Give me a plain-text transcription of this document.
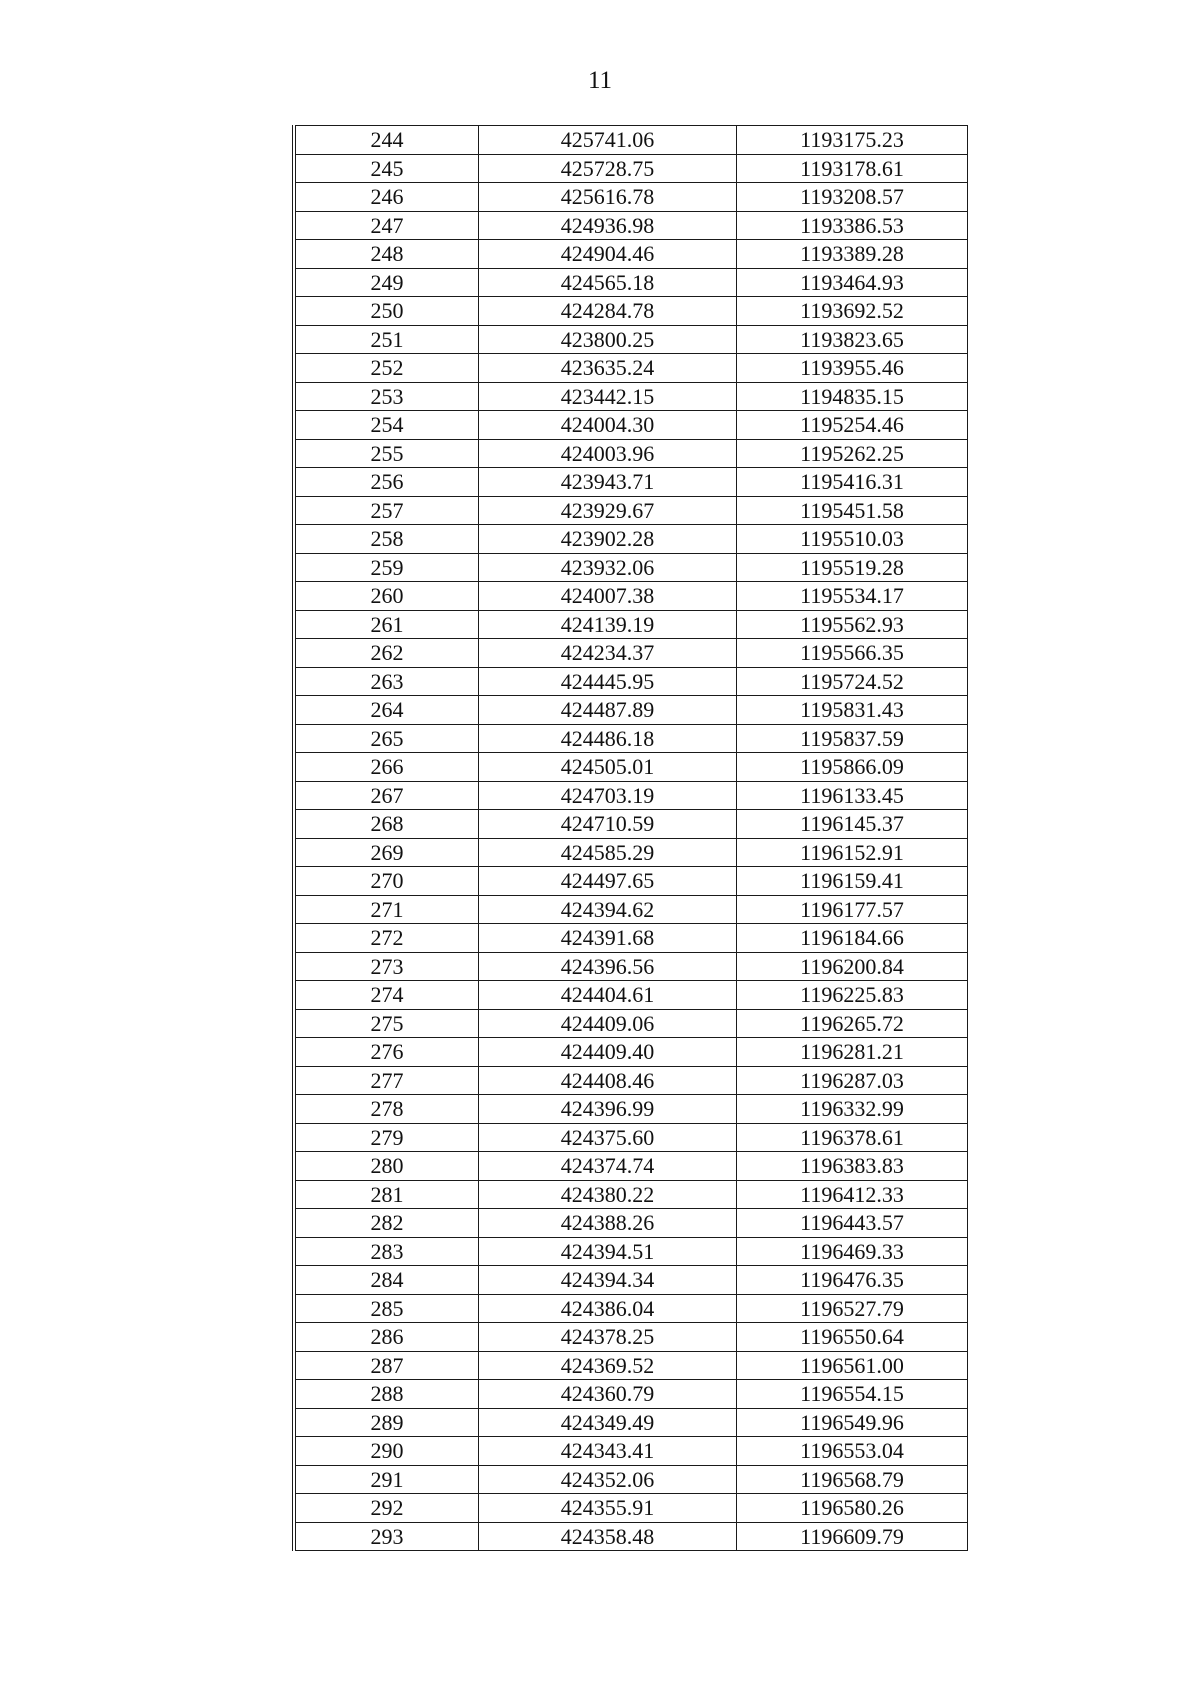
11
244	425741.06	1193175.23
245	425728.75	1193178.61
246	425616.78	1193208.57
247	424936.98	1193386.53
248	424904.46	1193389.28
249	424565.18	1193464.93
250	424284.78	1193692.52
251	423800.25	1193823.65
252	423635.24	1193955.46
253	423442.15	1194835.15
254	424004.30	1195254.46
255	424003.96	1195262.25
256	423943.71	1195416.31
257	423929.67	1195451.58
258	423902.28	1195510.03
259	423932.06	1195519.28
260	424007.38	1195534.17
261	424139.19	1195562.93
262	424234.37	1195566.35
263	424445.95	1195724.52
264	424487.89	1195831.43
265	424486.18	1195837.59
266	424505.01	1195866.09
267	424703.19	1196133.45
268	424710.59	1196145.37
269	424585.29	1196152.91
270	424497.65	1196159.41
271	424394.62	1196177.57
272	424391.68	1196184.66
273	424396.56	1196200.84
274	424404.61	1196225.83
275	424409.06	1196265.72
276	424409.40	1196281.21
277	424408.46	1196287.03
278	424396.99	1196332.99
279	424375.60	1196378.61
280	424374.74	1196383.83
281	424380.22	1196412.33
282	424388.26	1196443.57
283	424394.51	1196469.33
284	424394.34	1196476.35
285	424386.04	1196527.79
286	424378.25	1196550.64
287	424369.52	1196561.00
288	424360.79	1196554.15
289	424349.49	1196549.96
290	424343.41	1196553.04
291	424352.06	1196568.79
292	424355.91	1196580.26
293	424358.48	1196609.79
